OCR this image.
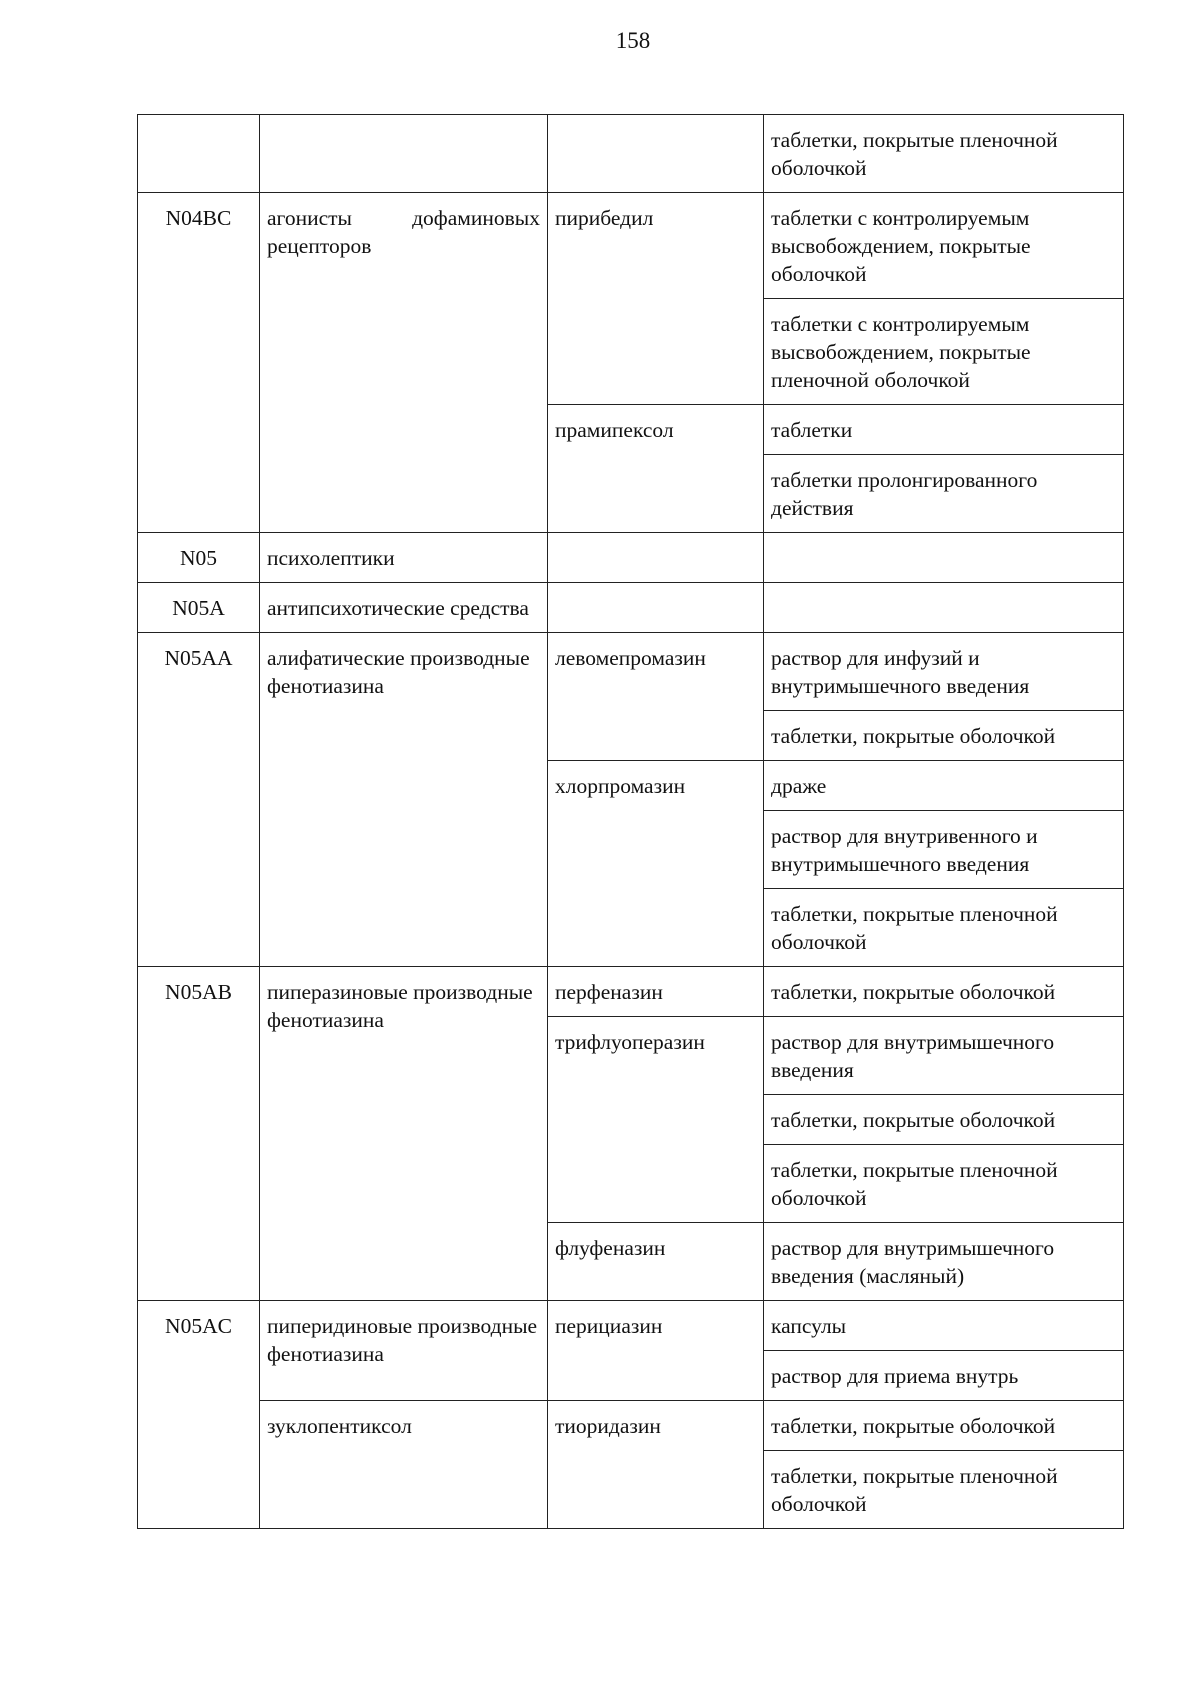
158
			таблетки, покрытые пленочной оболочкой
N04BC	агонисты дофаминовых рецепторов	пирибедил	таблетки с контролируемым высвобождением, покрытые оболочкой
			таблетки с контролируемым высвобождением, покрытые пленочной оболочкой
		прамипексол	таблетки
			таблетки пролонгированного действия
N05	психолептики		
N05A	антипсихотические средства		
N05AA	алифатические производные фенотиазина	левомепромазин	раствор для инфузий и внутримышечного введения
			таблетки, покрытые оболочкой
		хлорпромазин	драже
			раствор для внутривенного и внутримышечного введения
			таблетки, покрытые пленочной оболочкой
N05AB	пиперазиновые производные фенотиазина	перфеназин	таблетки, покрытые оболочкой
		трифлуоперазин	раствор для внутримышечного введения
			таблетки, покрытые оболочкой
			таблетки, покрытые пленочной оболочкой
		флуфеназин	раствор для внутримышечного введения (масляный)
N05AC	пиперидиновые производные фенотиазина	перициазин	капсулы
			раствор для приема внутрь
	зуклопентиксол	тиоридазин	таблетки, покрытые оболочкой
			таблетки, покрытые пленочной оболочкой
